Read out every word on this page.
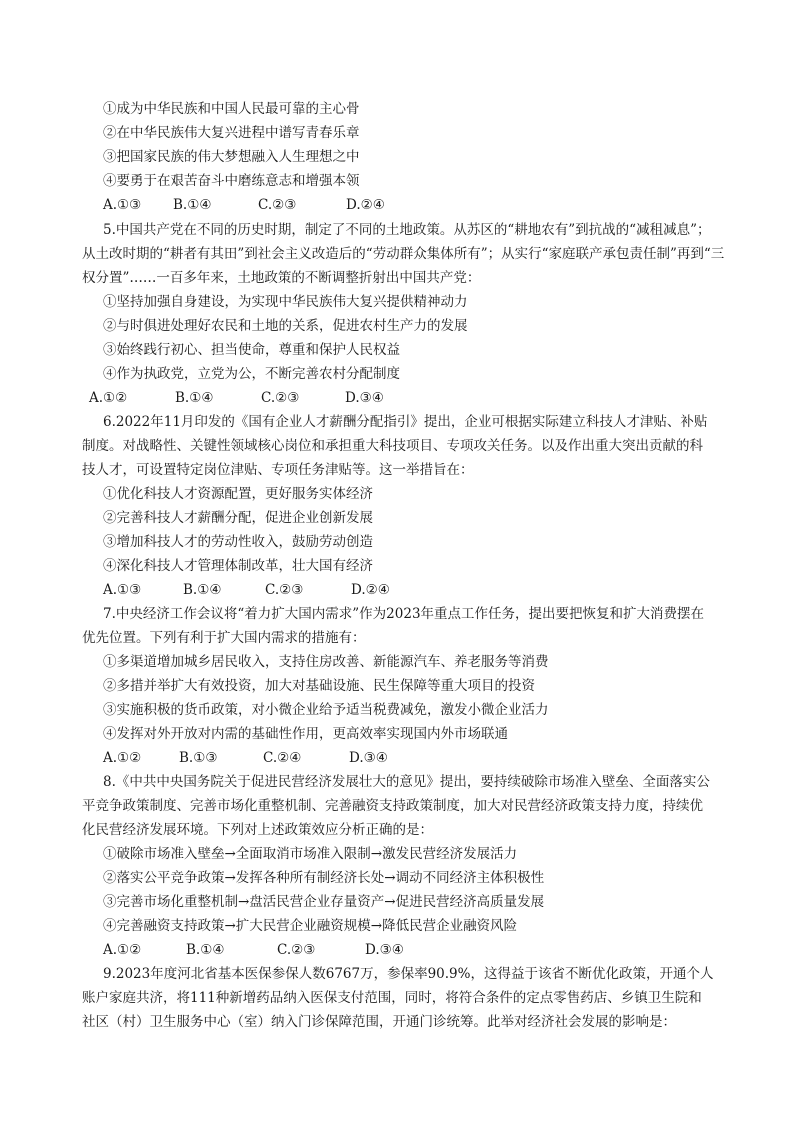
①成为中华民族和中国人民最可靠的主心骨
②在中华民族伟大复兴进程中谱写青春乐章
③把国家民族的伟大梦想融入人生理想之中
④要勇于在艰苦奋斗中磨练意志和增强本领
A.①③ B.①④	C.②③	D.②④
5.中国共产党在不同的历史时期，制定了不同的土地政策。从苏区的“耕地农有”到抗战的“减租减息”；
从土改时期的“耕者有其田”到社会主义改造后的“劳动群众集体所有”；从实行“家庭联产承包责任制”再到“三
权分置”……一百多年来，土地政策的不断调整折射出中国共产党：
①坚持加强自身建设，为实现中华民族伟大复兴提供精神动力
②与时俱进处理好农民和土地的关系，促进农村生产力的发展
③始终践行初心、担当使命，尊重和保护人民权益
④作为执政党，立党为公，不断完善农村分配制度
A.①②	B.①④	C.②③	D.③④
6.2022年11月印发的《国有企业人才薪酬分配指引》提出，企业可根据实际建立科技人才津贴、补贴
制度。对战略性、关键性领域核心岗位和承担重大科技项目、专项攻关任务。以及作出重大突出贡献的科
技人才，可设置特定岗位津贴、专项任务津贴等。这一举措旨在：
①优化科技人才资源配置，更好服务实体经济
②完善科技人才薪酬分配，促进企业创新发展
③增加科技人才的劳动性收入，鼓励劳动创造
④深化科技人才管理体制改革，壮大国有经济
A.①③	B.①④	C.②③	D.②④
7.中央经济工作会议将“着力扩大国内需求”作为2023年重点工作任务，提出要把恢复和扩大消费摆在
优先位置。下列有利于扩大国内需求的措施有：
①多渠道增加城乡居民收入，支持住房改善、新能源汽车、养老服务等消费
②多措并举扩大有效投资，加大对基础设施、民生保障等重大项目的投资
③实施积极的货币政策，对小微企业给予适当税费减免，激发小微企业活力
④发挥对外开放对内需的基础性作用，更高效率实现国内外市场联通
A.①②	B.①③	C.②④	D.③④
8.《中共中央国务院关于促进民营经济发展壮大的意见》提出，要持续破除市场准入壁垒、全面落实公
平竞争政策制度、完善市场化重整机制、完善融资支持政策制度，加大对民营经济政策支持力度，持续优
化民营经济发展环境。下列对上述政策效应分析正确的是：
①破除市场准入壁垒→全面取消市场准入限制→激发民营经济发展活力
②落实公平竞争政策→发挥各种所有制经济长处→调动不同经济主体积极性
③完善市场化重整机制→盘活民营企业存量资产→促进民营经济高质量发展
④完善融资支持政策→扩大民营企业融资规模→降低民营企业融资风险
A.①②	B.①④	C.②③	D.③④
9.2023年度河北省基本医保参保人数6767万，参保率90.9%，这得益于该省不断优化政策，开通个人
账户家庭共济，将111种新增药品纳入医保支付范围，同时，将符合条件的定点零售药店、乡镇卫生院和
社区（村）卫生服务中心（室）纳入门诊保障范围，开通门诊统筹。此举对经济社会发展的影响是：
